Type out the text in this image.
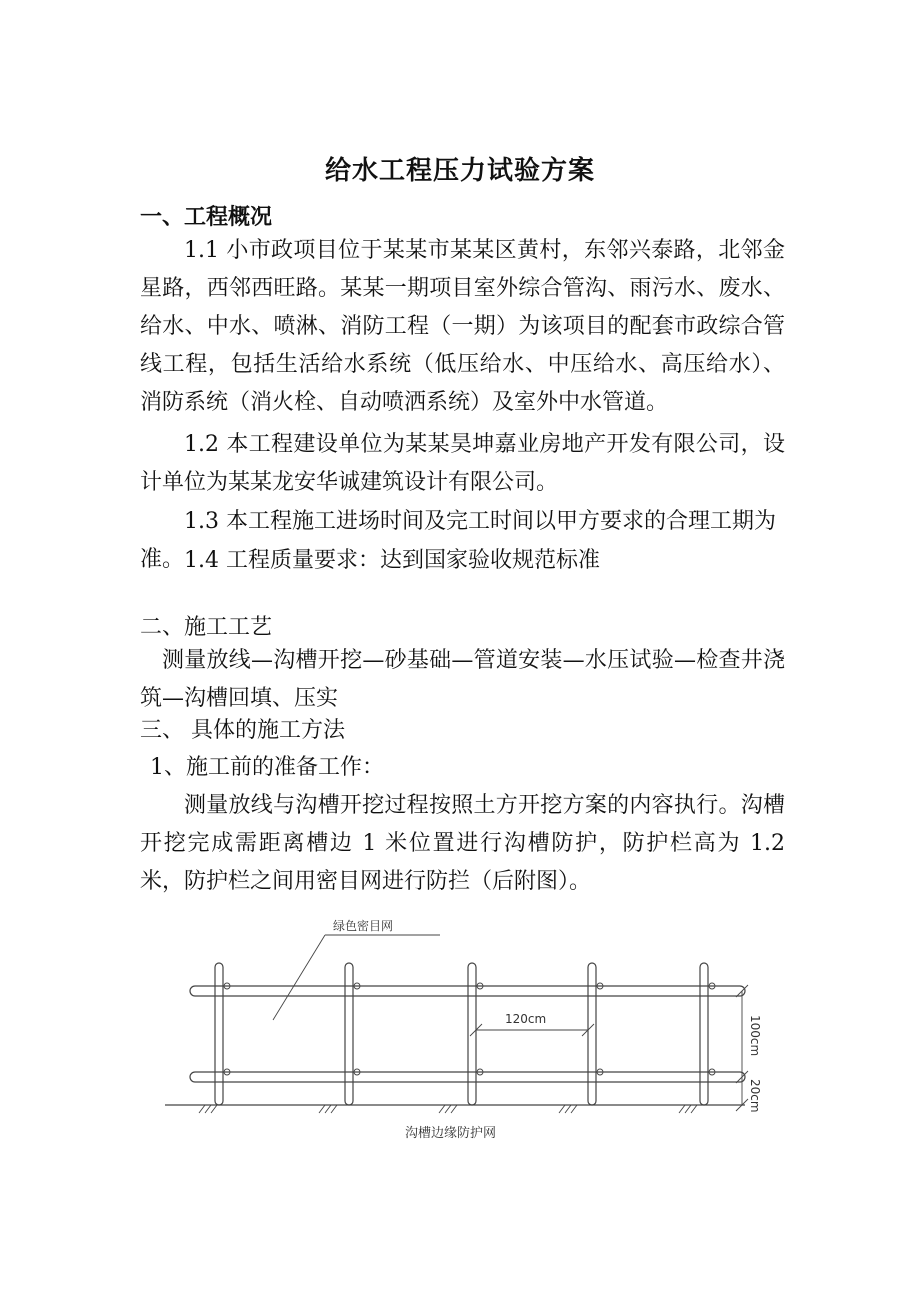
给水工程压力试验方案
一、工程概况

1.1 小市政项目位于某某市某某区黄村，东邻兴泰路，北邻金星路，西邻西旺路。某某一期项目室外综合管沟、雨污水、废水、给水、中水、喷淋、消防工程（一期）为该项目的配套市政综合管线工程，包括生活给水系统（低压给水、中压给水、高压给水）、消防系统（消火栓、自动喷洒系统）及室外中水管道。

1.2 本工程建设单位为某某昊坤嘉业房地产开发有限公司，设计单位为某某龙安华诚建筑设计有限公司。

1.3 本工程施工进场时间及完工时间以甲方要求的合理工期为准。 1.4 工程质量要求：达到国家验收规范标准

二、施工工艺

测量放线—沟槽开挖—砂基础—管道安装—水压试验—检查井浇筑—沟槽回填、压实

三、 具体的施工方法
1、施工前的准备工作：

测量放线与沟槽开挖过程按照土方开挖方案的内容执行。沟槽开挖完成需距离槽边 1 米位置进行沟槽防护，防护栏高为 1.2 米，防护栏之间用密目网进行防拦（后附图）。

绿色密目网
120cm	100cm
20cm
沟槽边缘防护网
